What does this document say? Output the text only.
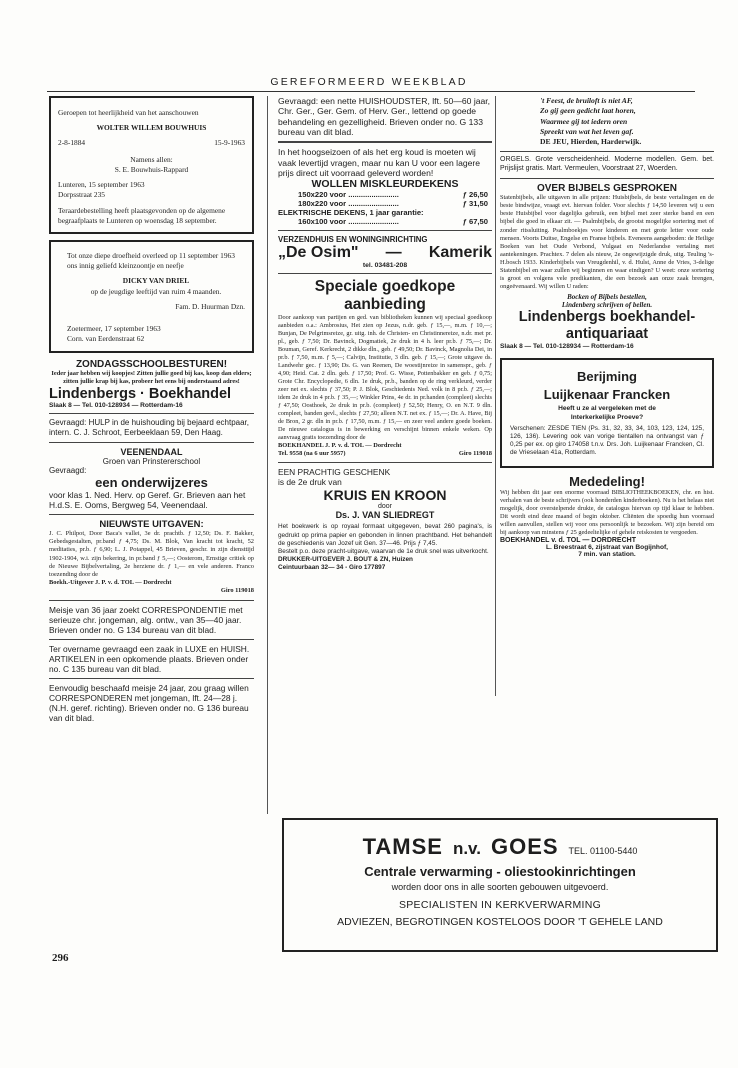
GEREFORMEERD WEEKBLAD

Geroepen tot heerlijkheid van het aanschouwen

WOLTER WILLEM BOUWHUIS

2-8-1884	15-9-1963

Namens allen:

S. E. Bouwhuis-Rappard

Lunteren, 15 september 1963

Dorpsstraat 235

Teraardebestelling heeft plaatsgevonden op de algemene begraafplaats te Lunteren op woensdag 18 september.

Tot onze diepe droefheid overleed op 11 september 1963 ons innig geliefd kleinzoontje en neefje

DICKY VAN DRIEL

op de jeugdige leeftijd van ruim 4 maanden.

Fam. D. Huurman Dzn.

Zoetermeer, 17 september 1963

Corn. van Eerdenstraat 62

ZONDAGSSCHOOLBESTUREN!
Ieder jaar hebben wij koopjes! Zitten jullie goed bij kas, koop dan elders; zitten jullie krap bij kas, probeer het eens bij onderstaand adres!
Lindenbergs · Boekhandel
Slaak 8 — Tel. 010-128934 — Rotterdam-16
Gevraagd: HULP in de huishouding bij bejaard echtpaar, intern. C. J. Schroot, Eerbeeklaan 59, Den Haag.
VEENENDAAL
Groen van Prinstererschool
Gevraagd:
een onderwijzeres
voor klas 1. Ned. Herv. op Geref. Gr. Brieven aan het H.d.S. E. Ooms, Bergweg 54, Veenendaal.
NIEUWSTE UITGAVEN:
J. C. Philpot, Door Baca's vallei, 3e dr. prachtb. ƒ 12,50; Ds. F. Bakker, Gebedsgestalten, pr.band ƒ 4,75; Ds. M. Blok, Van kracht tot kracht, 52 meditaties, pr.b. ƒ 6,90; L. J. Potappel, 45 Brieven, geschr. in zijn diensttijd 1902-1904, w.i. zijn bekering, in pr.band ƒ 5,—; Oosterom, Ernstige critiek op de Nieuwe Bijbelvertaling, 2e herziene dr. ƒ 1,— en vele anderen. Franco toezending door de
Boekh.-Uitgever J. P. v. d. TOL — Dordrecht
Giro 119018
Meisje van 36 jaar zoekt CORRESPONDENTIE met serieuze chr. jongeman, alg. ontw., van 35—40 jaar. Brieven onder no. G 134 bureau van dit blad.
Ter overname gevraagd een zaak in LUXE en HUISH. ARTIKELEN in een opkomende plaats. Brieven onder no. C 135 bureau van dit blad.
Eenvoudig beschaafd meisje 24 jaar, zou graag willen CORRESPONDEREN met jongeman, lft. 24—28 j. (N.H. geref. richting). Brieven onder no. G 136 bureau van dit blad.
Gevraagd: een nette HUISHOUDSTER, lft. 50—60 jaar, Chr. Ger., Ger. Gem. of Herv. Ger., lettend op goede behandeling en gezelligheid. Brieven onder no. G 133 bureau van dit blad.
In het hoogseizoen of als het erg koud is moeten wij vaak levertijd vragen, maar nu kan U voor een lagere prijs direct uit voorraad geleverd worden!
WOLLEN MISKLEURDEKENS
150x220 voor ........................	ƒ 26,50
180x220 voor ........................	ƒ 31,50
ELEKTRISCHE DEKENS, 1 jaar garantie:
160x100 voor ........................	ƒ 67,50
VERZENDHUIS EN WONINGINRICHTING
„De Osim" — Kamerik
tel. 03481-208
Speciale goedkope aanbieding
Door aankoop van partijen en ged. van bibliotheken kunnen wij speciaal goedkoop aanbieden o.a.: Ambrosius, Het zien op Jezus, n.dr. geb. ƒ 15,—, m.m. ƒ 10,—; Bunjan, De Pelgrimsreize, gr. uitg. inh. de Christen- en Christinnereize, n.dr. met pr. pl., geb. ƒ 7,50; Dr. Bavinck, Dogmatiek, 2e druk in 4 h. leer pr.b. ƒ 75,—; Dr. Bouman, Geref. Kerkrecht, 2 dikke dln., geb. ƒ 49,50; Dr. Bavinck, Magnolia Dei, in pr.b. ƒ 7,50, m.m. ƒ 5,—; Calvijn, Institutie, 3 dln. geb. ƒ 15,—; Grote uitgave ds. Landwehr gec. ƒ 13,90; Ds. G. van Reenen, De woestijnreize in samenspr., geb. ƒ 4,90; Heid. Cat. 2 dln. geb. ƒ 17,50; Prof. G. Wisse, Pottenbakker en geb. ƒ 0,75; Grote Chr. Encyclopedie, 6 dln. 1e druk, pr.b., banden op de ring verkleurd, verder zeer net ex. slechts ƒ 37,50; P. J. Blok, Geschiedenis Ned. volk in 8 pr.b. ƒ 25,—; idem 2e druk in 4 pr.b. ƒ 35,—; Winkler Prins, 4e dr. in pr.handen (compleet) slechts ƒ 47,50; Oosthoek, 2e druk in pr.b. (compleet) ƒ 52,50; Henry, O. en N.T. 9 dln. compleet, banden gevl., slechts ƒ 27,50; alleen N.T. net ex. ƒ 15,—; Dr. A. Have, Bij de Bron, 2 gr. dln in pr.b. ƒ 17,50, m.m. ƒ 15,— en zeer veel andere goede boeken. De nieuwe catalogus is in bewerking en verschijnt binnen enkele weken. Op aanvraag gratis toezending door de
BOEKHANDEL J. P. v. d. TOL — Dordrecht
Tel. 9558 (na 6 uur 5957)	Giro 119018
EEN PRACHTIG GESCHENK
is de 2e druk van
KRUIS EN KROON
door
Ds. J. VAN SLIEDREGT
Het boekwerk is op royaal formaat uitgegeven, bevat 260 pagina's, is gedrukt op prima papier en gebonden in linnen prachtband. Het behandelt de geschiedenis van Jozef uit Gen. 37—46. Prijs ƒ 7,45.
Bestelt p.o. deze pracht-uitgave, waarvan de 1e druk snel was uitverkocht.
DRUKKER-UITGEVER J. BOUT & ZN, Huizen
Ceintuurbaan 32— 34 - Giro 177897
't Feest, de bruiloft is niet AF,
Zo gij geen gedicht laat horen,
Waarmee gij tot iedern oren
Spreekt van wat het leven gaf.
DE JEU, Hierden, Harderwijk.
ORGELS. Grote verscheidenheid. Moderne modellen. Gem. bet. Prijslijst gratis. Mart. Vermeulen, Voorstraat 27, Woerden.
OVER BIJBELS GESPROKEN
Statenbijbels, alle uitgaven in alle prijzen: Huisbijbels, de beste vertalingen en de beste bindwijze, vraagt evt. hiervan folder. Voor slechts ƒ 14,50 leveren wij u een beste Huisbijbel voor dagelijks gebruik, een bijbel met zeer sterke band en een bijbel die goed in elkaar zit. — Psalmbijbels, de grootst mogelijke sortering met of zonder ritssluiting. Psalmboekjes voor kinderen en met grote letter voor oude mensen. Voorts Duitse, Engelse en Franse bijbels. Eveneens aangeboden: de Heilige Boeken van het Oude Verbond, Vulgaat en Nederlandse vertaling met aantekeningen. Prachtex. 7 delen als nieuw, 2e ongewijzigde druk, uitg. Teuling 's-H.bosch 1933. Kinderbijbels van Vreugdenhil, v. d. Hulst, Anne de Vries, 3-delige Statenbijbel en waar zullen wij beginnen en waar eindigen? U weet: onze sortering is groot en volgens vele predikanten, die een bezoek aan onze zaak brengen, ongeëvenaard. Wij willen U raden:
Bocken of Bijbels bestellen,
Lindenberg schrijven of bellen.
Lindenbergs boekhandel-antiquariaat
Slaak 8 — Tel. 010-128934 — Rotterdam-16
Berijming
Luijkenaar Francken
Heeft u ze al vergeleken met de
Interkerkelijke Proeve?
Verschenen: ZESDE TIEN (Ps. 31, 32, 33, 34, 103, 123, 124, 125, 126, 136). Levering ook van vorige tientallen na ontvangst van ƒ 0,25 per ex. op giro 174058 t.n.v. Drs. Joh. Luijkenaar Francken, Cl. de Vrieselaan 41a, Rotterdam.
Mededeling!
Wij hebben dit jaar een enorme voorraad BIBLIOTHEEKBOEKEN, chr. en hist. verhalen van de beste schrijvers (ook honderden kinderboeken). Nu is het helaas niet mogelijk, door overstelpende drukte, de catalogus hiervan op tijd klaar te hebben. Dit wordt eind deze maand of begin oktober. Cliënten die spoedig hun voorraad willen aanvullen, stellen wij voor ons persoonlijk te bezoeken. Wij zijn bereid om bij aankoop van minstens ƒ 25 gedeeltelijke of gehele reiskosten te vergoeden.
BOEKHANDEL v. d. TOL — DORDRECHT
L. Breestraat 6, zijstraat van Bogijnhof,
7 min. van station.
TAMSE n.v. GOES TEL. 01100-5440
Centrale verwarming - oliestookinrichtingen
worden door ons in alle soorten gebouwen uitgevoerd.
SPECIALISTEN IN KERKVERWARMING
ADVIEZEN, BEGROTINGEN KOSTELOOS DOOR 'T GEHELE LAND
296
